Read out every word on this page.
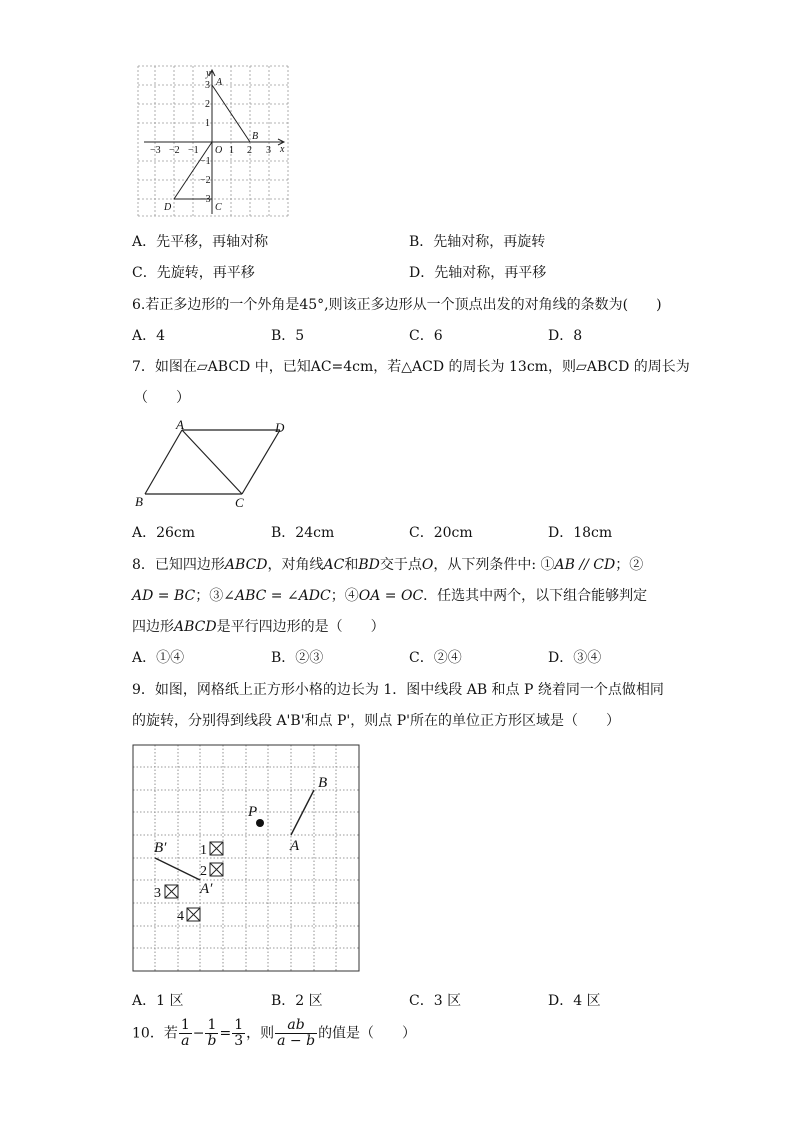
x
y
O
−3 −2 −1	1 2 3
3
2
1
−1
−2
−3
A
B
C
D
A．先平移，再轴对称	B．先轴对称，再旋转
C．先旋转，再平移	D．先轴对称，再平移
6.若正多边形的一个外角是45°,则该正多边形从一个顶点出发的对角线的条数为(　　)
A．4	B．5	C．6	D．8
7．如图在▱ABCD 中，已知AC=4cm，若△ACD 的周长为 13cm，则▱ABCD 的周长为
（　　）
A	D
B	C
A．26cm	B．24cm	C．20cm	D．18cm
8．已知四边形ABCD，对角线AC和BD交于点O，从下列条件中: ①AB // CD；②
AD = BC；③∠ABC = ∠ADC；④OA = OC．任选其中两个，以下组合能够判定
四边形ABCD是平行四边形的是（　　）
A．①④	B．②③	C．②④	D．③④
9．如图，网格纸上正方形小格的边长为 1．图中线段 AB 和点 P 绕着同一个点做相同
的旋转，分别得到线段 A'B'和点 P'，则点 P'所在的单位正方形区域是（　　）
1
2
3
4
P
A
B
A′
B′
A．1 区	B．2 区	C．3 区	D．4 区
10．若 $\frac{1}{a} - \frac{1}{b} = \frac{1}{3}$ ，则 $\frac{ab}{a - b}$ 的值是（　　）
